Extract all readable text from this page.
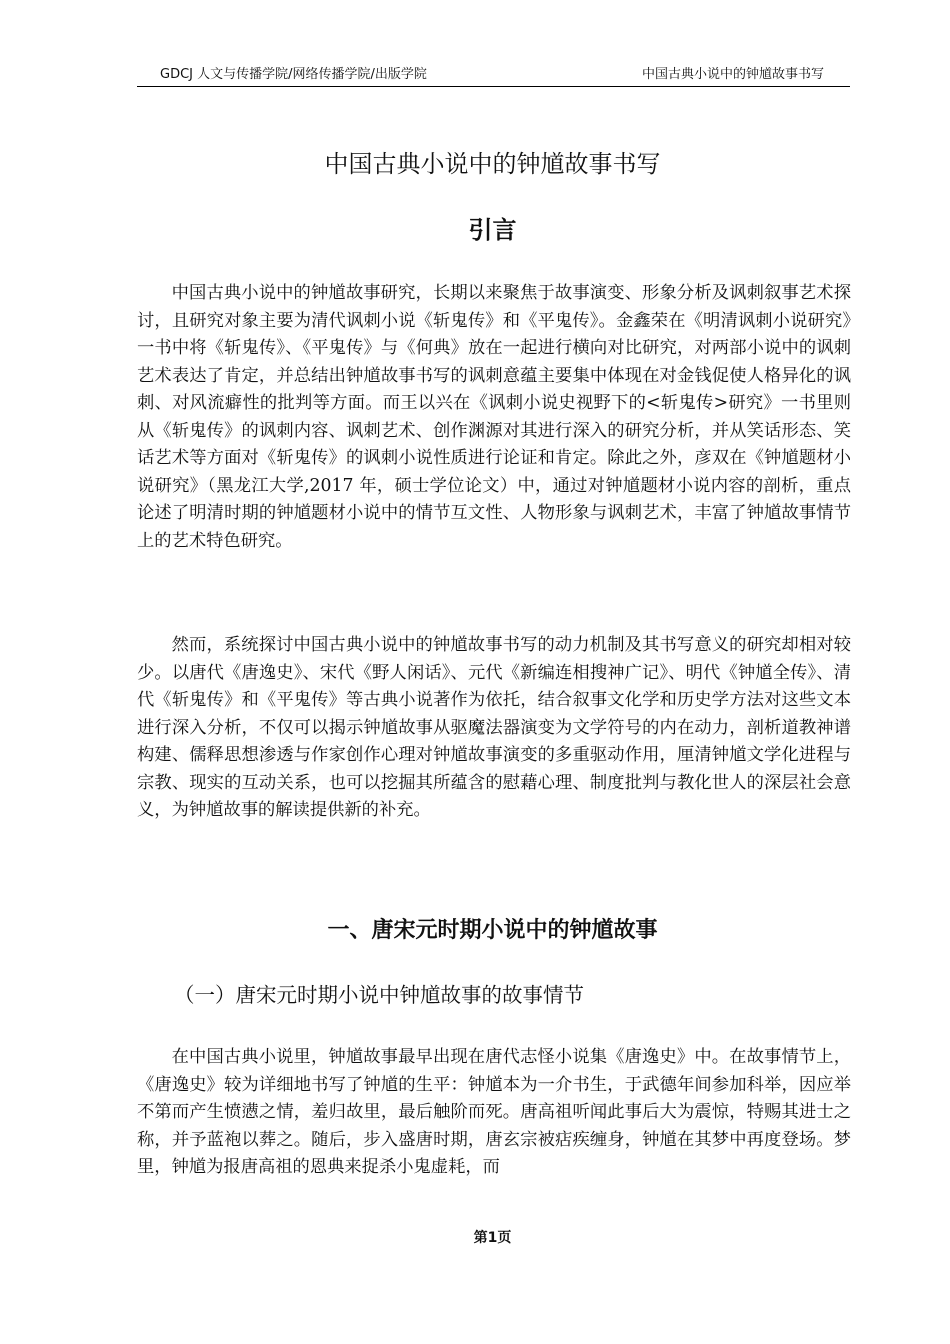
GDCJ 人文与传播学院/网络传播学院/出版学院	中国古典小说中的钟馗故事书写
中国古典小说中的钟馗故事书写
引言

中国古典小说中的钟馗故事研究，长期以来聚焦于故事演变、形象分析及讽刺叙事艺术探讨，且研究对象主要为清代讽刺小说《斩鬼传》和《平鬼传》。金鑫荣在《明清讽刺小说研究》一书中将《斩鬼传》、《平鬼传》与《何典》放在一起进行横向对比研究，对两部小说中的讽刺艺术表达了肯定，并总结出钟馗故事书写的讽刺意蕴主要集中体现在对金钱促使人格异化的讽刺、对风流癖性的批判等方面。而王以兴在《讽刺小说史视野下的<斩鬼传>研究》一书里则从《斩鬼传》的讽刺内容、讽刺艺术、创作渊源对其进行深入的研究分析，并从笑话形态、笑话艺术等方面对《斩鬼传》的讽刺小说性质进行论证和肯定。除此之外，彦双在《钟馗题材小说研究》（黑龙江大学,2017 年，硕士学位论文）中，通过对钟馗题材小说内容的剖析，重点论述了明清时期的钟馗题材小说中的情节互文性、人物形象与讽刺艺术，丰富了钟馗故事情节上的艺术特色研究。

然而，系统探讨中国古典小说中的钟馗故事书写的动力机制及其书写意义的研究却相对较少。以唐代《唐逸史》、宋代《野人闲话》、元代《新编连相搜神广记》、明代《钟馗全传》、清代《斩鬼传》和《平鬼传》等古典小说著作为依托，结合叙事文化学和历史学方法对这些文本进行深入分析，不仅可以揭示钟馗故事从驱魔法器演变为文学符号的内在动力，剖析道教神谱构建、儒释思想渗透与作家创作心理对钟馗故事演变的多重驱动作用，厘清钟馗文学化进程与宗教、现实的互动关系，也可以挖掘其所蕴含的慰藉心理、制度批判与教化世人的深层社会意义，为钟馗故事的解读提供新的补充。

一、唐宋元时期小说中的钟馗故事
（一）唐宋元时期小说中钟馗故事的故事情节

在中国古典小说里，钟馗故事最早出现在唐代志怪小说集《唐逸史》中。在故事情节上，《唐逸史》较为详细地书写了钟馗的生平：钟馗本为一介书生，于武德年间参加科举，因应举不第而产生愤懑之情，羞归故里，最后触阶而死。唐高祖听闻此事后大为震惊，特赐其进士之称，并予蓝袍以葬之。随后，步入盛唐时期，唐玄宗被痁疾缠身，钟馗在其梦中再度登场。梦里，钟馗为报唐高祖的恩典来捉杀小鬼虚耗，而

第1页
